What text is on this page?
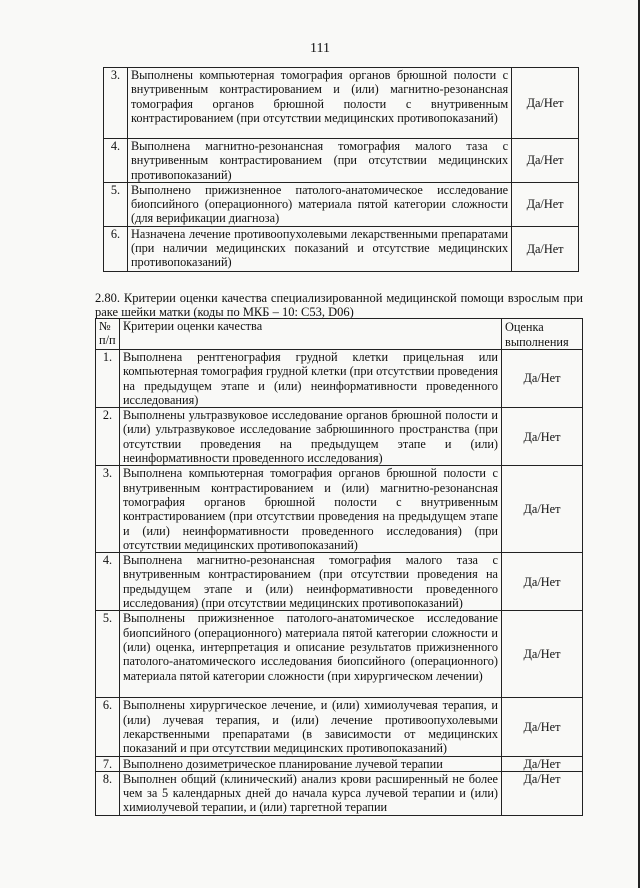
111
3.	Выполнены компьютерная томография органов брюшной полости с внутривенным контрастированием и (или) магнитно-резонансная томография органов брюшной полости с внутривенным контрастированием (при отсутствии медицинских противопоказаний)	Да/Нет
4.	Выполнена магнитно-резонансная томография малого таза с внутривенным контрастированием (при отсутствии медицинских противопоказаний)	Да/Нет
5.	Выполнено прижизненное патолого-анатомическое исследование биопсийного (операционного) материала пятой категории сложности (для верификации диагноза)	Да/Нет
6.	Назначена лечение противоопухолевыми лекарственными препаратами (при наличии медицинских показаний и отсутствие медицинских противопоказаний)	Да/Нет
2.80. Критерии оценки качества специализированной медицинской помощи взрослым при раке шейки матки (коды по МКБ – 10: C53, D06)
№ п/п	Критерии оценки качества	Оценка выполнения
1.	Выполнена рентгенография грудной клетки прицельная или компьютерная томография грудной клетки (при отсутствии проведения на предыдущем этапе и (или) неинформативности проведенного исследования)	Да/Нет
2.	Выполнены ультразвуковое исследование органов брюшной полости и (или) ультразвуковое исследование забрюшинного пространства (при отсутствии проведения на предыдущем этапе и (или) неинформативности проведенного исследования)	Да/Нет
3.	Выполнена компьютерная томография органов брюшной полости с внутривенным контрастированием и (или) магнитно-резонансная томография органов брюшной полости с внутривенным контрастированием (при отсутствии проведения на предыдущем этапе и (или) неинформативности проведенного исследования) (при отсутствии медицинских противопоказаний)	Да/Нет
4.	Выполнена магнитно-резонансная томография малого таза с внутривенным контрастированием (при отсутствии проведения на предыдущем этапе и (или) неинформативности проведенного исследования) (при отсутствии медицинских противопоказаний)	Да/Нет
5.	Выполнены прижизненное патолого-анатомическое исследование биопсийного (операционного) материала пятой категории сложности и (или) оценка, интерпретация и описание результатов прижизненного патолого-анатомического исследования биопсийного (операционного) материала пятой категории сложности (при хирургическом лечении)	Да/Нет
6.	Выполнены хирургическое лечение, и (или) химиолучевая терапия, и (или) лучевая терапия, и (или) лечение противоопухолевыми лекарственными препаратами (в зависимости от медицинских показаний и при отсутствии медицинских противопоказаний)	Да/Нет
7.	Выполнено дозиметрическое планирование лучевой терапии	Да/Нет
8.	Выполнен общий (клинический) анализ крови расширенный не более чем за 5 календарных дней до начала курса лучевой терапии и (или) химиолучевой терапии, и (или) таргетной терапии	Да/Нет
